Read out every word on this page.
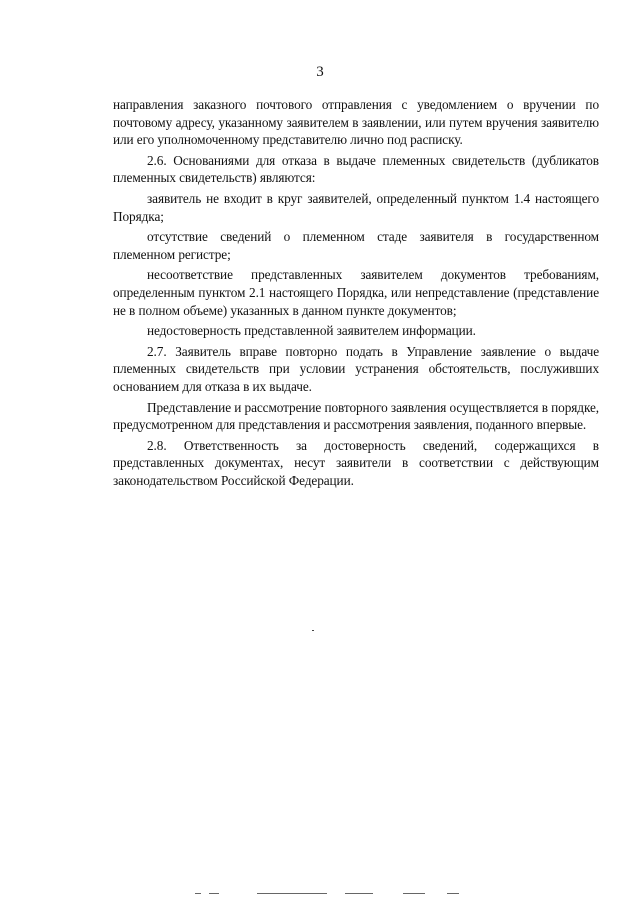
3

направления заказного почтового отправления с уведомлением о вручении по почтовому адресу, указанному заявителем в заявлении, или путем вручения заявителю или его уполномоченному представителю лично под расписку.

2.6. Основаниями для отказа в выдаче племенных свидетельств (дубликатов племенных свидетельств) являются:

заявитель не входит в круг заявителей, определенный пунктом 1.4 настоящего Порядка;

отсутствие сведений о племенном стаде заявителя в государственном племенном регистре;

несоответствие представленных заявителем документов требованиям, определенным пунктом 2.1 настоящего Порядка, или непредставление (представление не в полном объеме) указанных в данном пункте документов;

недостоверность представленной заявителем информации.

2.7. Заявитель вправе повторно подать в Управление заявление о выдаче племенных свидетельств при условии устранения обстоятельств, послуживших основанием для отказа в их выдаче.

Представление и рассмотрение повторного заявления осуществляется в порядке, предусмотренном для представления и рассмотрения заявления, поданного впервые.

2.8. Ответственность за достоверность сведений, содержащихся в представленных документах, несут заявители в соответствии с действующим законодательством Российской Федерации.
